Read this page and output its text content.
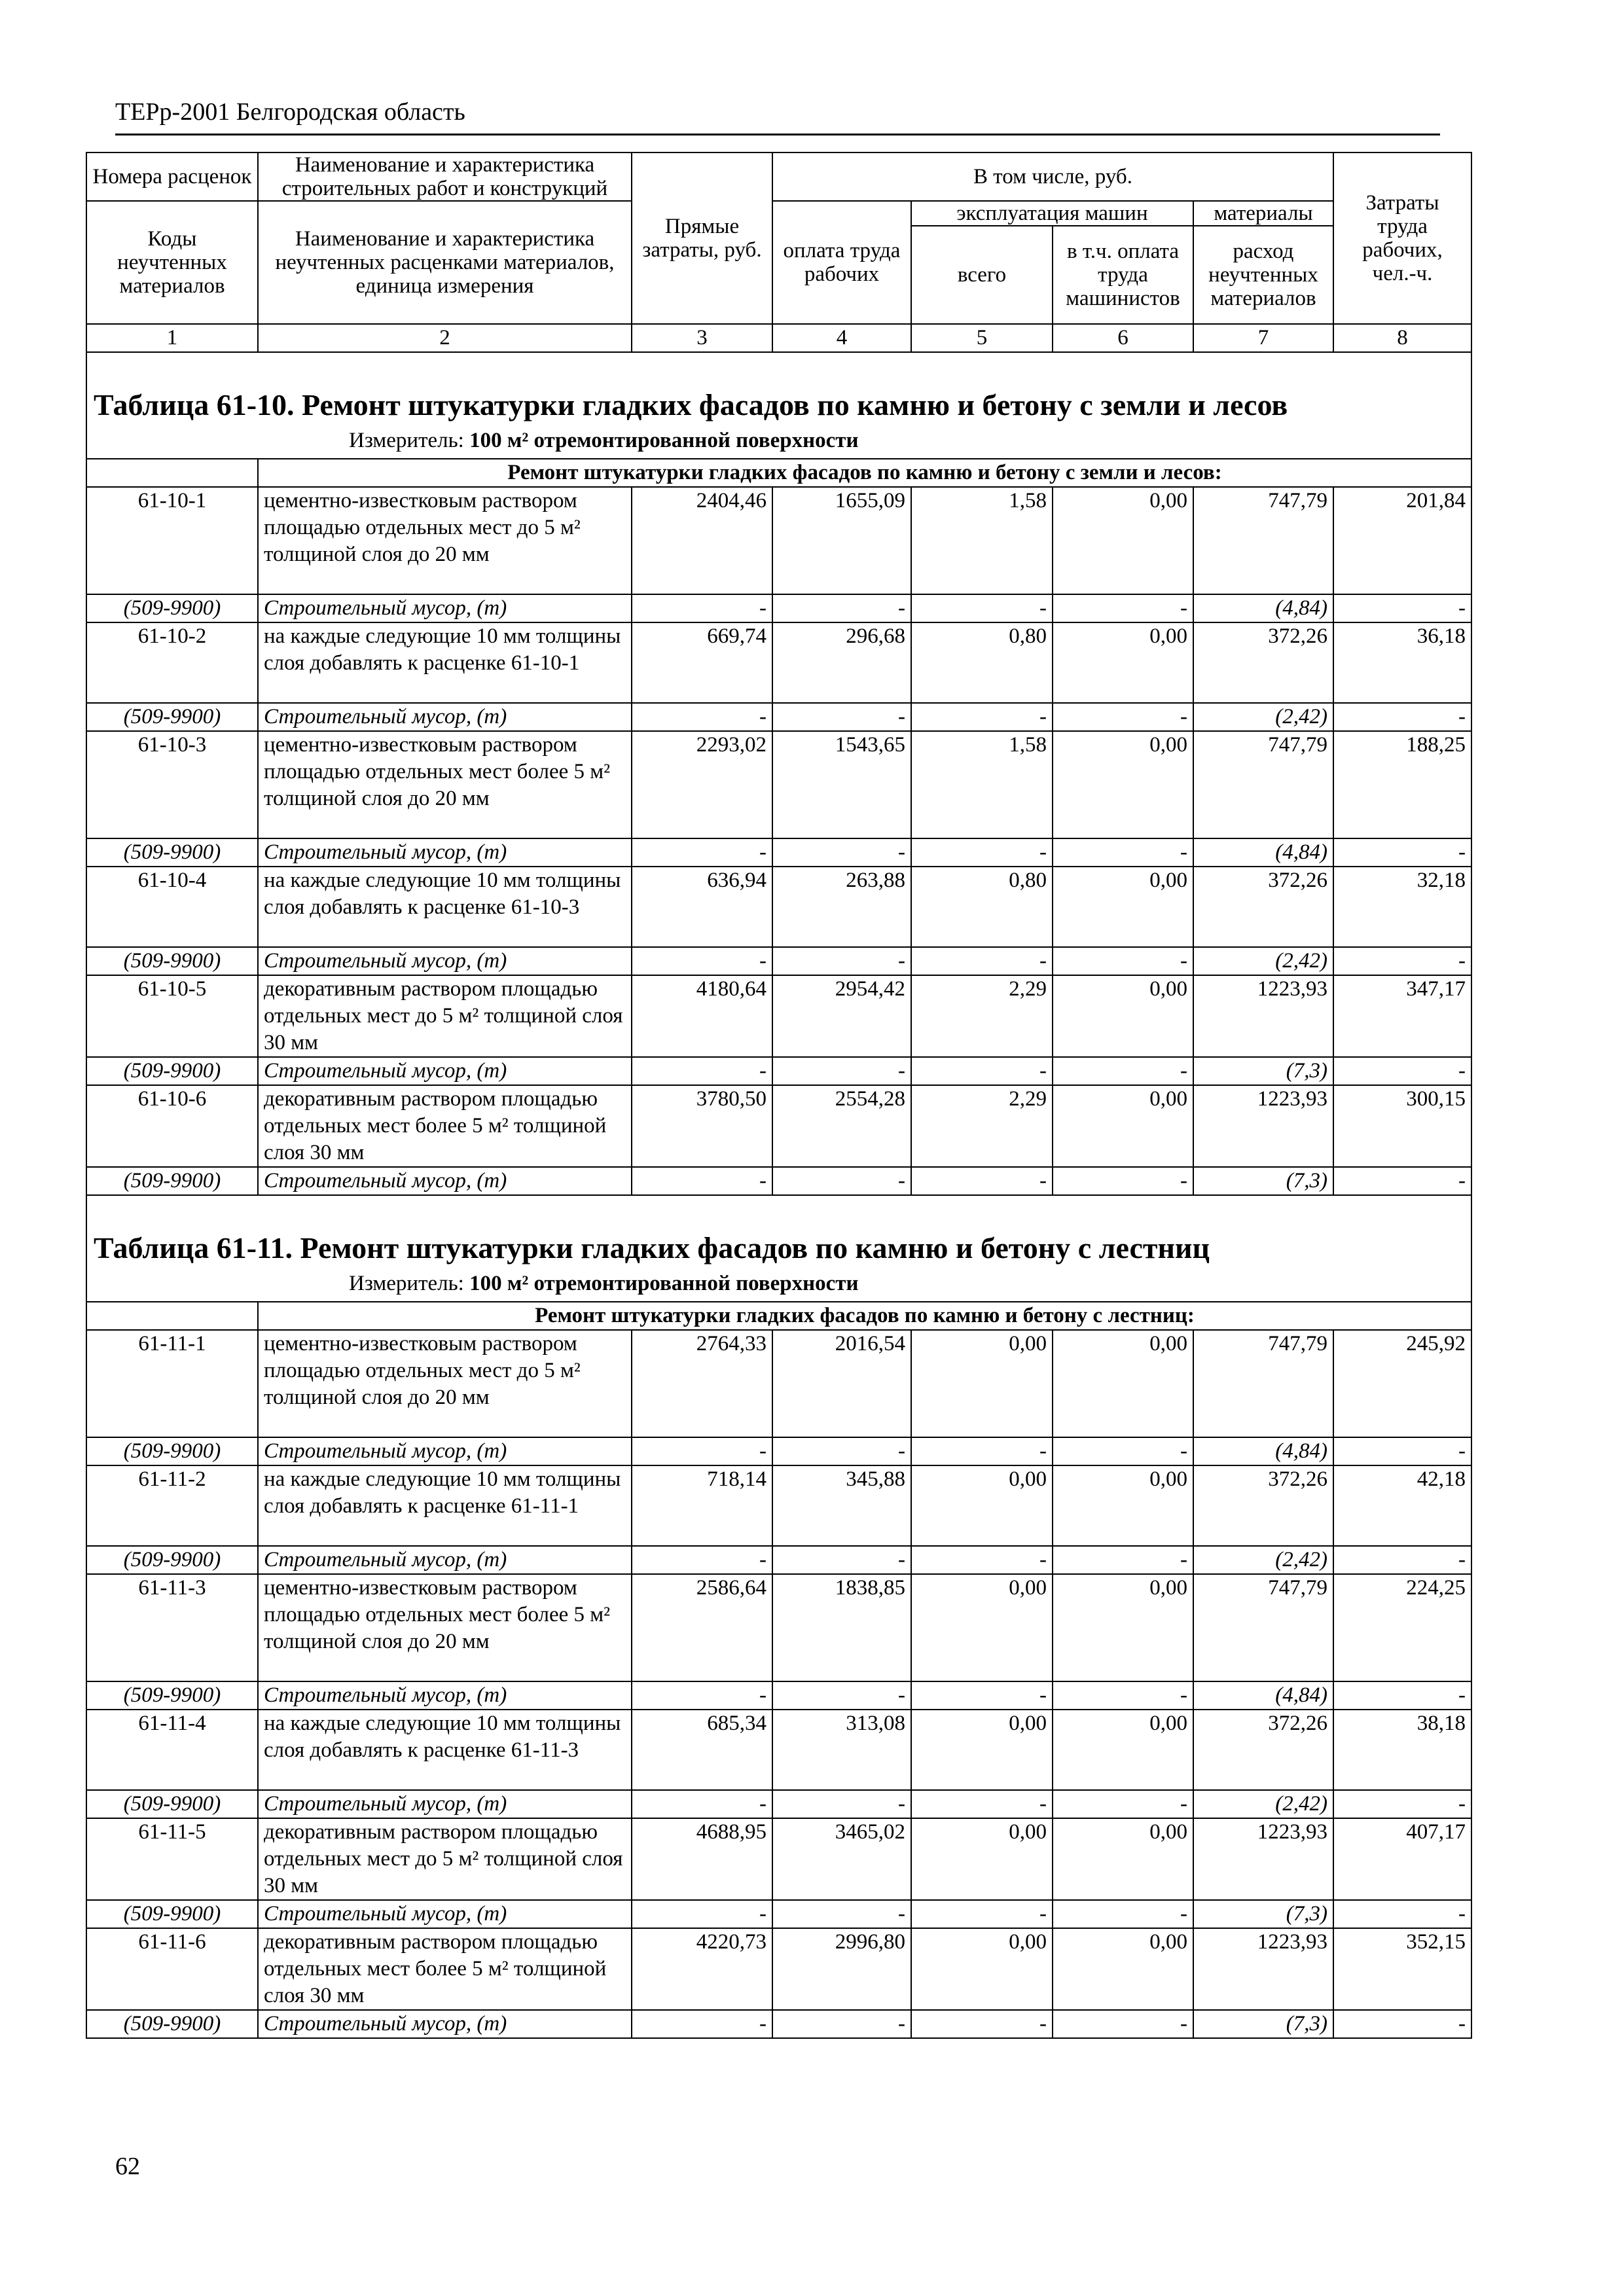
ТЕРр-2001 Белгородская область
Номера расценок	Наименование и характеристика строительных работ и конструкций	Прямые затраты, руб.	В том числе, руб.				Затраты труда рабочих, чел.-ч.
Коды неучтенных материалов	Наименование и характеристика неучтенных расценками материалов, единица измерения		оплата труда рабочих	эксплуатация машин		материалы	
				всего	в т.ч. оплата труда машинистов	расход неучтенных материалов	
1	2	3	4	5	6	7	8
Таблица 61-10. Ремонт штукатурки гладких фасадов по камню и бетону с земли и лесов							
Измеритель: 100 м² отремонтированной поверхности							
	Ремонт штукатурки гладких фасадов по камню и бетону с земли и лесов:						
61-10-1	цементно-известковым раствором площадью отдельных мест до 5 м² толщиной слоя до 20 мм	2404,46	1655,09	1,58	0,00	747,79	201,84
(509-9900)	Строительный мусор, (т)	-	-	-	-	(4,84)	-
61-10-2	на каждые следующие 10 мм толщины слоя добавлять к расценке 61-10-1	669,74	296,68	0,80	0,00	372,26	36,18
(509-9900)	Строительный мусор, (т)	-	-	-	-	(2,42)	-
61-10-3	цементно-известковым раствором площадью отдельных мест более 5 м² толщиной слоя до 20 мм	2293,02	1543,65	1,58	0,00	747,79	188,25
(509-9900)	Строительный мусор, (т)	-	-	-	-	(4,84)	-
61-10-4	на каждые следующие 10 мм толщины слоя добавлять к расценке 61-10-3	636,94	263,88	0,80	0,00	372,26	32,18
(509-9900)	Строительный мусор, (т)	-	-	-	-	(2,42)	-
61-10-5	декоративным раствором площадью отдельных мест до 5 м² толщиной слоя 30 мм	4180,64	2954,42	2,29	0,00	1223,93	347,17
(509-9900)	Строительный мусор, (т)	-	-	-	-	(7,3)	-
61-10-6	декоративным раствором площадью отдельных мест более 5 м² толщиной слоя 30 мм	3780,50	2554,28	2,29	0,00	1223,93	300,15
(509-9900)	Строительный мусор, (т)	-	-	-	-	(7,3)	-
Таблица 61-11. Ремонт штукатурки гладких фасадов по камню и бетону с лестниц							
Измеритель: 100 м² отремонтированной поверхности							
	Ремонт штукатурки гладких фасадов по камню и бетону с лестниц:						
61-11-1	цементно-известковым раствором площадью отдельных мест до 5 м² толщиной слоя до 20 мм	2764,33	2016,54	0,00	0,00	747,79	245,92
(509-9900)	Строительный мусор, (т)	-	-	-	-	(4,84)	-
61-11-2	на каждые следующие 10 мм толщины слоя добавлять к расценке 61-11-1	718,14	345,88	0,00	0,00	372,26	42,18
(509-9900)	Строительный мусор, (т)	-	-	-	-	(2,42)	-
61-11-3	цементно-известковым раствором площадью отдельных мест более 5 м² толщиной слоя до 20 мм	2586,64	1838,85	0,00	0,00	747,79	224,25
(509-9900)	Строительный мусор, (т)	-	-	-	-	(4,84)	-
61-11-4	на каждые следующие 10 мм толщины слоя добавлять к расценке 61-11-3	685,34	313,08	0,00	0,00	372,26	38,18
(509-9900)	Строительный мусор, (т)	-	-	-	-	(2,42)	-
61-11-5	декоративным раствором площадью отдельных мест до 5 м² толщиной слоя 30 мм	4688,95	3465,02	0,00	0,00	1223,93	407,17
(509-9900)	Строительный мусор, (т)	-	-	-	-	(7,3)	-
61-11-6	декоративным раствором площадью отдельных мест более 5 м² толщиной слоя 30 мм	4220,73	2996,80	0,00	0,00	1223,93	352,15
(509-9900)	Строительный мусор, (т)	-	-	-	-	(7,3)	-
62
